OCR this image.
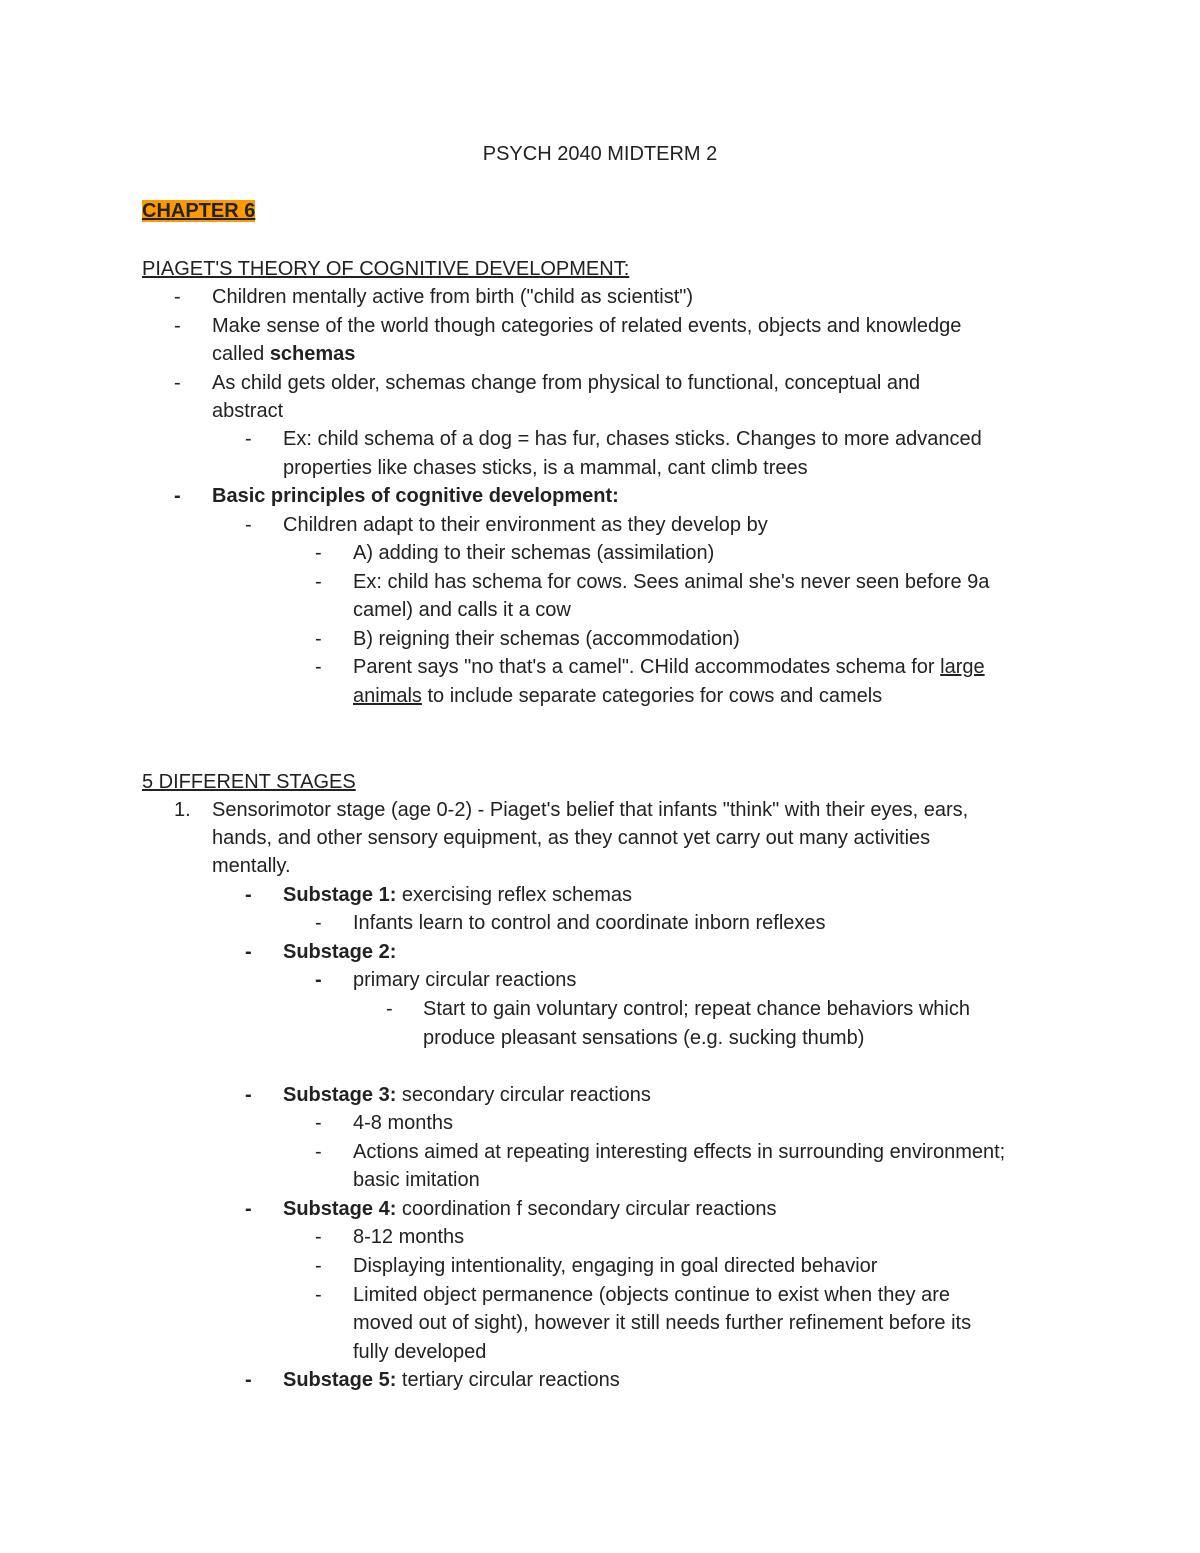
PSYCH 2040 MIDTERM 2
CHAPTER 6
PIAGET'S THEORY OF COGNITIVE DEVELOPMENT:
- Children mentally active from birth ("child as scientist")
- Make sense of the world though categories of related events, objects and knowledge
called schemas
- As child gets older, schemas change from physical to functional, conceptual and
abstract
- Ex: child schema of a dog = has fur, chases sticks. Changes to more advanced
properties like chases sticks, is a mammal, cant climb trees
- Basic principles of cognitive development:
- Children adapt to their environment as they develop by
- A) adding to their schemas (assimilation)
- Ex: child has schema for cows. Sees animal she's never seen before 9a
camel) and calls it a cow
- B) reigning their schemas (accommodation)
- Parent says "no that's a camel". CHild accommodates schema for large
animals to include separate categories for cows and camels
5 DIFFERENT STAGES
1. Sensorimotor stage (age 0-2) - Piaget's belief that infants "think" with their eyes, ears,
hands, and other sensory equipment, as they cannot yet carry out many activities
mentally.
- Substage 1: exercising reflex schemas
- Infants learn to control and coordinate inborn reflexes
- Substage 2:
- primary circular reactions
- Start to gain voluntary control; repeat chance behaviors which
produce pleasant sensations (e.g. sucking thumb)
- Substage 3: secondary circular reactions
- 4-8 months
- Actions aimed at repeating interesting effects in surrounding environment;
basic imitation
- Substage 4: coordination f secondary circular reactions
- 8-12 months
- Displaying intentionality, engaging in goal directed behavior
- Limited object permanence (objects continue to exist when they are
moved out of sight), however it still needs further refinement before its
fully developed
- Substage 5: tertiary circular reactions
